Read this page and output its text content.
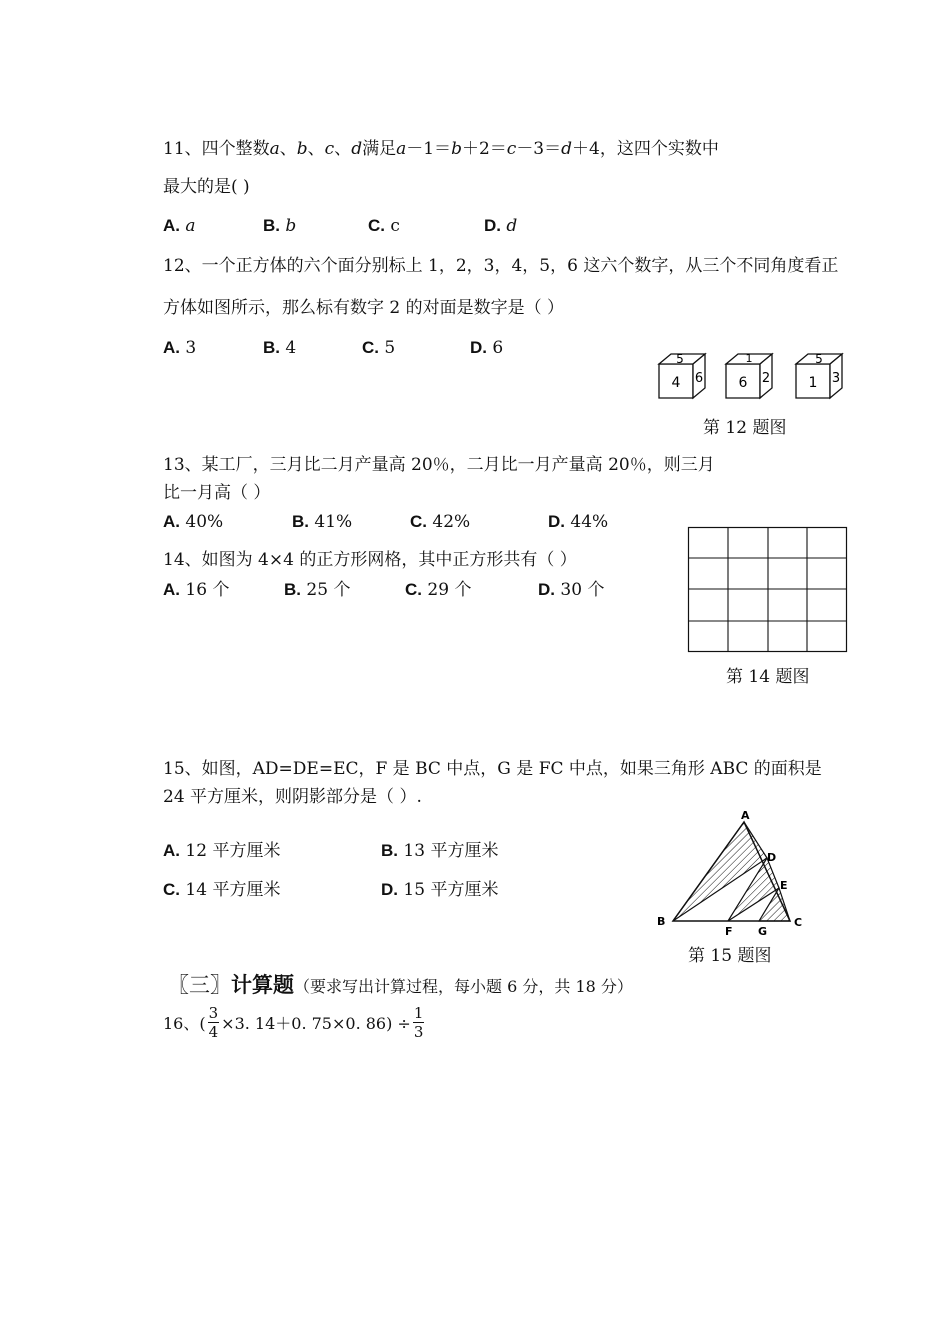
11、四个整数a、b、c、d满足a－1＝b＋2＝c－3＝d＋4，这四个实数中
最大的是( )
A. a	B. b	C. c	D. d
12、一个正方体的六个面分别标上 1，2，3，4，5，6 这六个数字，从三个不同角度看正
方体如图所示，那么标有数字 2 的对面是数字是（ ）
A. 3	B. 4	C. 5	D. 6
5
4 6
1
6 2
5
1 3
第 12 题图
13、某工厂，三月比二月产量高 20％，二月比一月产量高 20％，则三月
比一月高（ ）
A. 40%	B. 41%	C. 42%	D. 44%
14、如图为 4×4 的正方形网格，其中正方形共有（ ）
A. 16 个	B. 25 个	C. 29 个	D. 30 个
第 14 题图
15、如图，AD=DE=EC，F 是 BC 中点，G 是 FC 中点，如果三角形 ABC 的面积是
24 平方厘米，则阴影部分是（ ）.
A. 12 平方厘米	B. 13 平方厘米
C. 14 平方厘米	D. 15 平方厘米
A
B	C
D
E
F G
第 15 题图
〖三〗计算题（要求写出计算过程，每小题 6 分，共 18 分）
16、( $\frac{3}{4} \times 3$. 14＋0. 75×0. $86) \div \frac{1}{3}$
